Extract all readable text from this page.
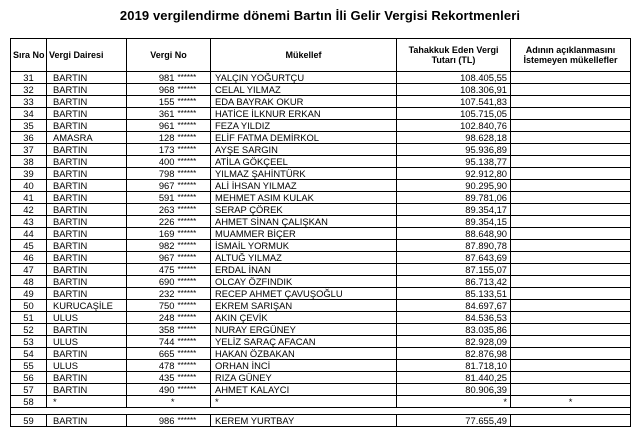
2019 vergilendirme dönemi Bartın İli Gelir Vergisi Rekortmenleri
Sıra No	Vergi Dairesi	Vergi No		Mükellef	Tahakkuk Eden Vergi Tutarı (TL)	Adının açıklanmasını İstemeyen mükellefler
31	BARTIN	981	******	YALÇIN YOĞURTÇU	108.405,55	
32	BARTIN	968	******	CELAL YILMAZ	108.306,91	
33	BARTIN	155	******	EDA BAYRAK OKUR	107.541,83	
34	BARTIN	361	******	HATİCE İLKNUR ERKAN	105.715,05	
35	BARTIN	961	******	FEZA YILDIZ	102.840,76	
36	AMASRA	128	******	ELİF FATMA DEMİRKOL	98.628,18	
37	BARTIN	173	******	AYŞE SARGIN	95.936,89	
38	BARTIN	400	******	ATİLA GÖKÇEEL	95.138,77	
39	BARTIN	798	******	YILMAZ ŞAHİNTÜRK	92.912,80	
40	BARTIN	967	******	ALİ İHSAN YILMAZ	90.295,90	
41	BARTIN	591	******	MEHMET ASIM KULAK	89.781,06	
42	BARTIN	263	******	SERAP ÇÖREK	89.354,17	
43	BARTIN	226	******	AHMET SİNAN ÇALIŞKAN	89.354,15	
44	BARTIN	169	******	MUAMMER BİÇER	88.648,90	
45	BARTIN	982	******	İSMAİL YORMUK	87.890,78	
46	BARTIN	967	******	ALTUĞ YILMAZ	87.643,69	
47	BARTIN	475	******	ERDAL İNAN	87.155,07	
48	BARTIN	690	******	OLCAY ÖZFINDIK	86.713,42	
49	BARTIN	232	******	RECEP AHMET ÇAVUŞOĞLU	85.133,51	
50	KURUCAŞİLE	750	******	EKREM SARIŞAN	84.697,67	
51	ULUS	248	******	AKIN ÇEVİK	84.536,53	
52	BARTIN	358	******	NURAY ERGÜNEY	83.035,86	
53	ULUS	744	******	YELİZ SARAÇ AFACAN	82.928,09	
54	BARTIN	665	******	HAKAN ÖZBAKAN	82.876,98	
55	ULUS	478	******	ORHAN İNCİ	81.718,10	
56	BARTIN	435	******	RIZA GÜNEY	81.440,25	
57	BARTIN	490	******	AHMET KALAYCI	80.906,39	
58	*	*		*	*	*

59	BARTIN	986	******	KEREM YURTBAY	77.655,49	
